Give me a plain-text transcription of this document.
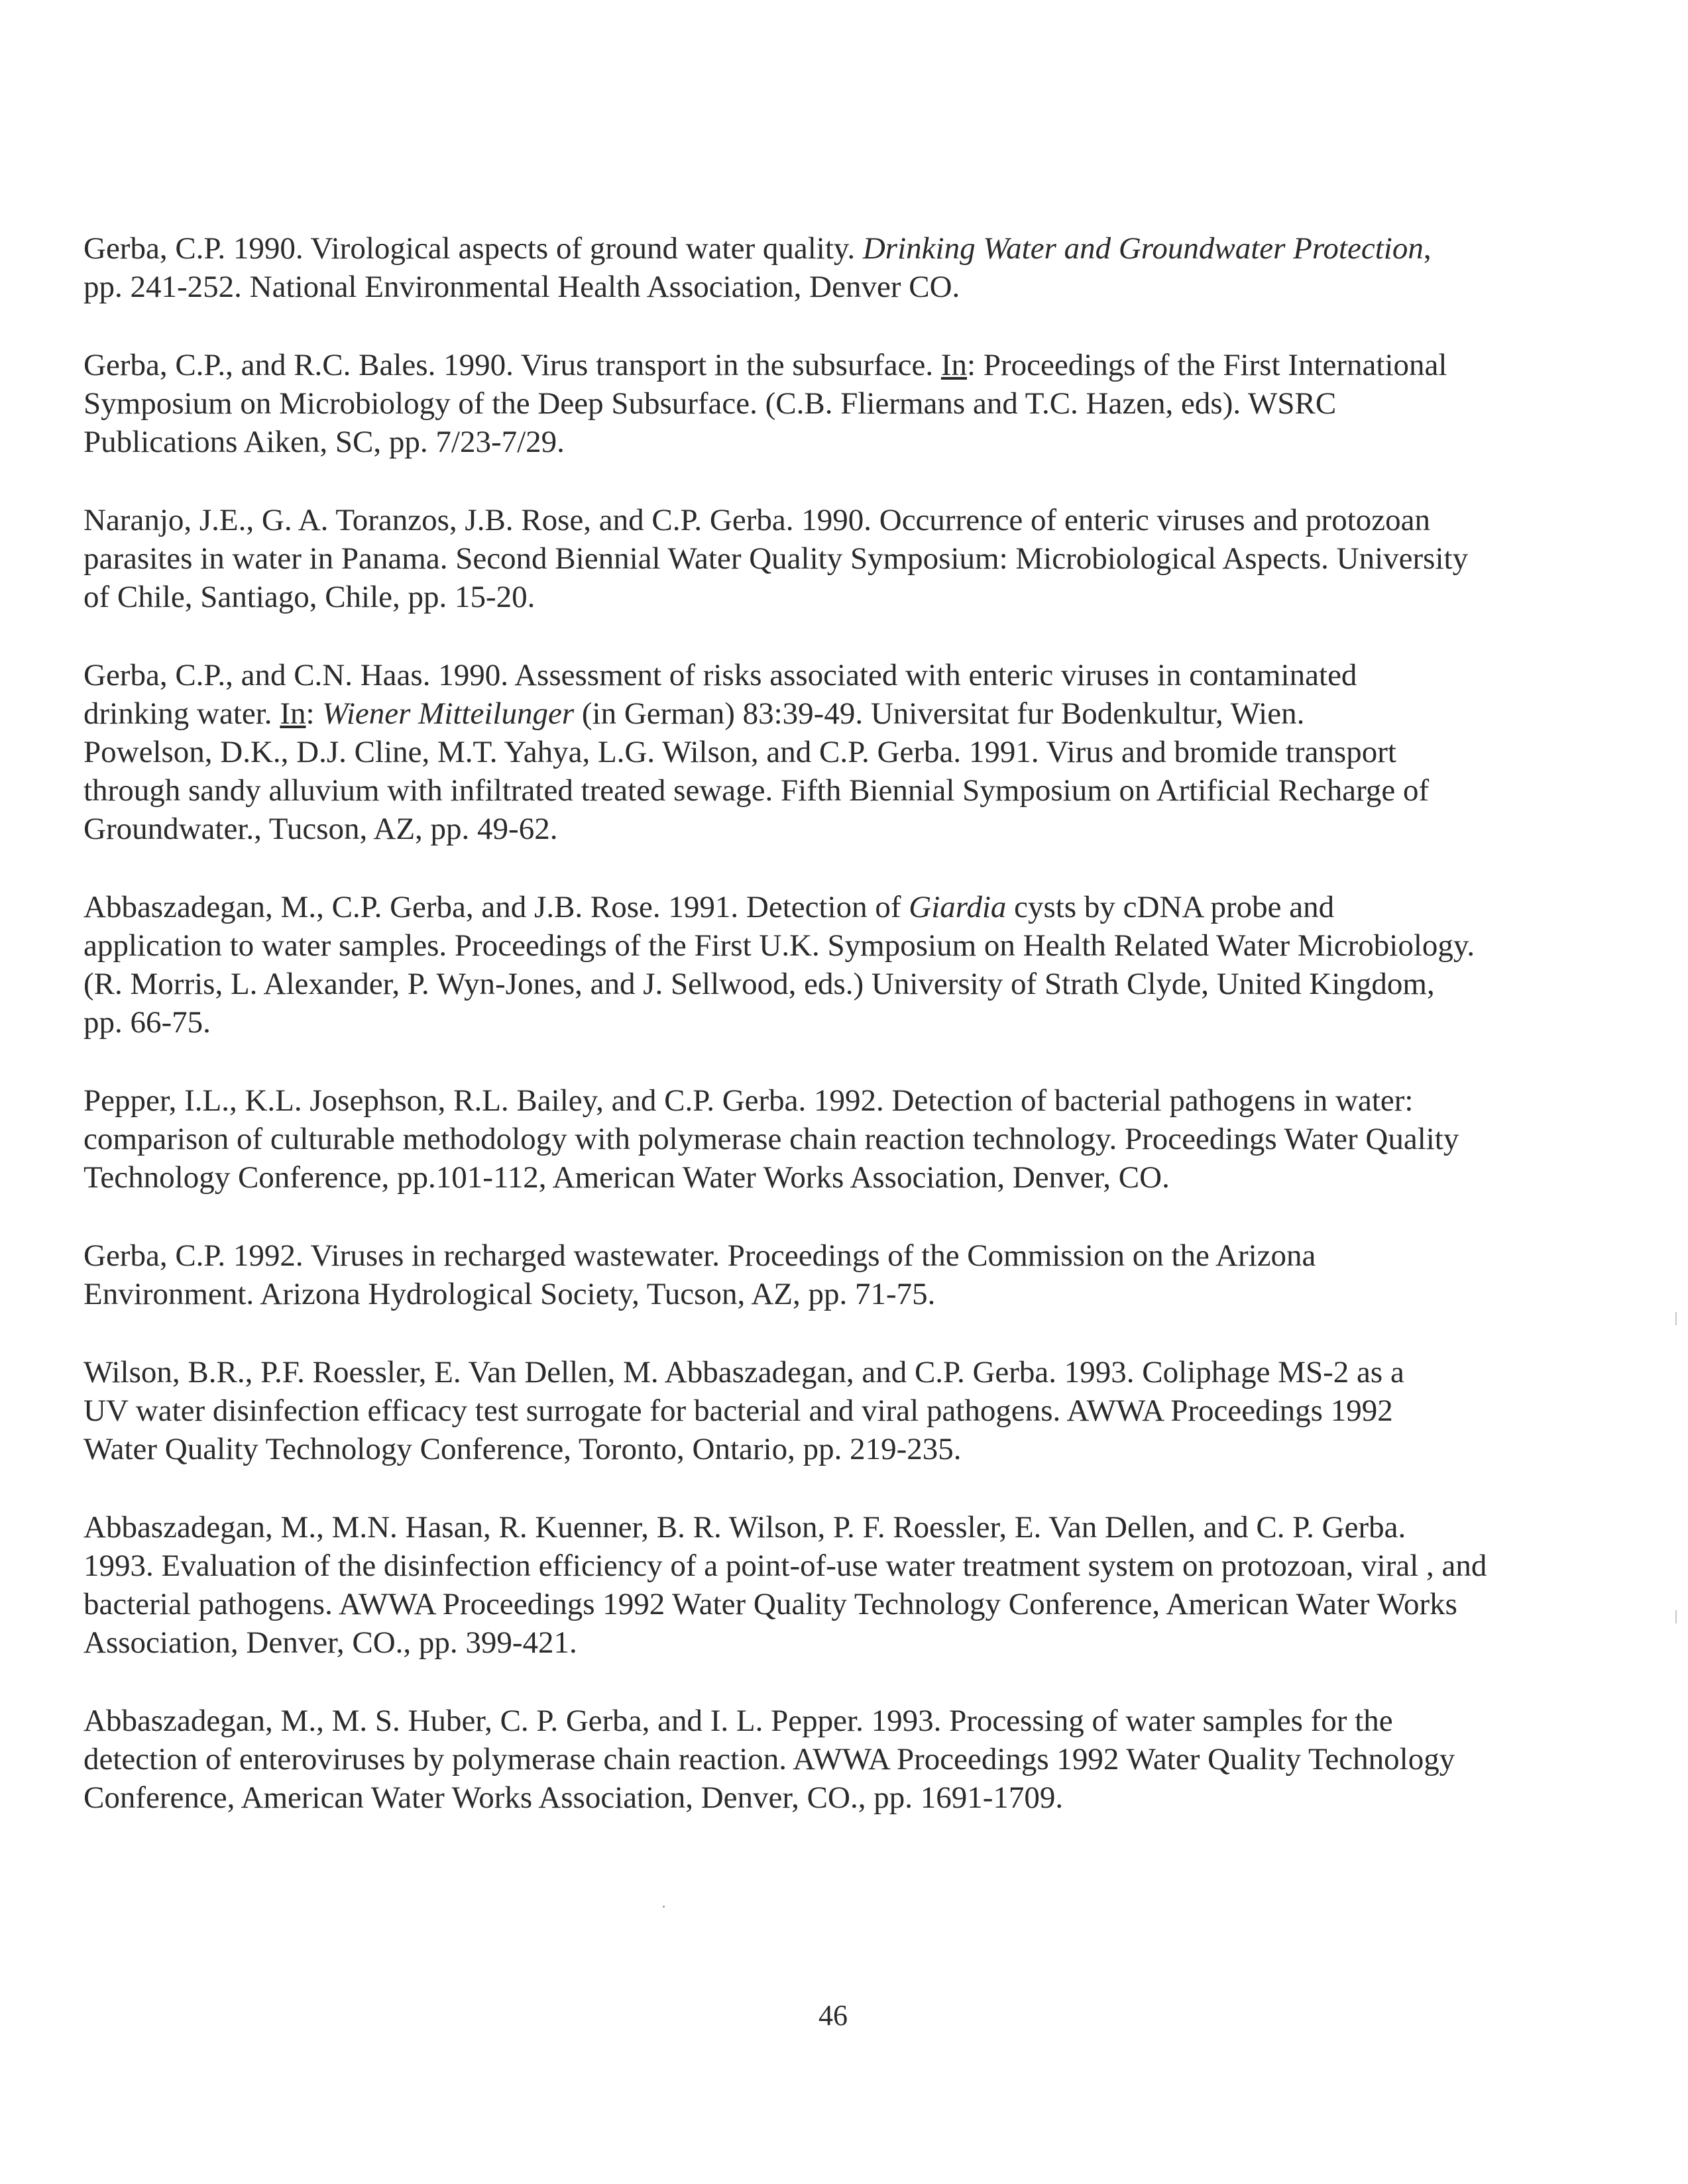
Gerba, C.P. 1990. Virological aspects of ground water quality. Drinking Water and Groundwater Protection,
pp. 241-252. National Environmental Health Association, Denver CO.
Gerba, C.P., and R.C. Bales. 1990. Virus transport in the subsurface. In: Proceedings of the First International
Symposium on Microbiology of the Deep Subsurface. (C.B. Fliermans and T.C. Hazen, eds). WSRC
Publications Aiken, SC, pp. 7/23-7/29.
Naranjo, J.E., G. A. Toranzos, J.B. Rose, and C.P. Gerba. 1990. Occurrence of enteric viruses and protozoan
parasites in water in Panama. Second Biennial Water Quality Symposium: Microbiological Aspects. University
of Chile, Santiago, Chile, pp. 15-20.
Gerba, C.P., and C.N. Haas. 1990. Assessment of risks associated with enteric viruses in contaminated
drinking water. In: Wiener Mitteilunger (in German) 83:39-49. Universitat fur Bodenkultur, Wien.
Powelson, D.K., D.J. Cline, M.T. Yahya, L.G. Wilson, and C.P. Gerba. 1991. Virus and bromide transport
through sandy alluvium with infiltrated treated sewage. Fifth Biennial Symposium on Artificial Recharge of
Groundwater., Tucson, AZ, pp. 49-62.
Abbaszadegan, M., C.P. Gerba, and J.B. Rose. 1991. Detection of Giardia cysts by cDNA probe and
application to water samples. Proceedings of the First U.K. Symposium on Health Related Water Microbiology.
(R. Morris, L. Alexander, P. Wyn-Jones, and J. Sellwood, eds.) University of Strath Clyde, United Kingdom,
pp. 66-75.
Pepper, I.L., K.L. Josephson, R.L. Bailey, and C.P. Gerba. 1992. Detection of bacterial pathogens in water:
comparison of culturable methodology with polymerase chain reaction technology. Proceedings Water Quality
Technology Conference, pp.101-112, American Water Works Association, Denver, CO.
Gerba, C.P. 1992. Viruses in recharged wastewater. Proceedings of the Commission on the Arizona
Environment. Arizona Hydrological Society, Tucson, AZ, pp. 71-75.
Wilson, B.R., P.F. Roessler, E. Van Dellen, M. Abbaszadegan, and C.P. Gerba. 1993. Coliphage MS-2 as a
UV water disinfection efficacy test surrogate for bacterial and viral pathogens. AWWA Proceedings 1992
Water Quality Technology Conference, Toronto, Ontario, pp. 219-235.
Abbaszadegan, M., M.N. Hasan, R. Kuenner, B. R. Wilson, P. F. Roessler, E. Van Dellen, and C. P. Gerba.
1993. Evaluation of the disinfection efficiency of a point-of-use water treatment system on protozoan, viral , and
bacterial pathogens. AWWA Proceedings 1992 Water Quality Technology Conference, American Water Works
Association, Denver, CO., pp. 399-421.
Abbaszadegan, M., M. S. Huber, C. P. Gerba, and I. L. Pepper. 1993. Processing of water samples for the
detection of enteroviruses by polymerase chain reaction. AWWA Proceedings 1992 Water Quality Technology
Conference, American Water Works Association, Denver, CO., pp. 1691-1709.
46
